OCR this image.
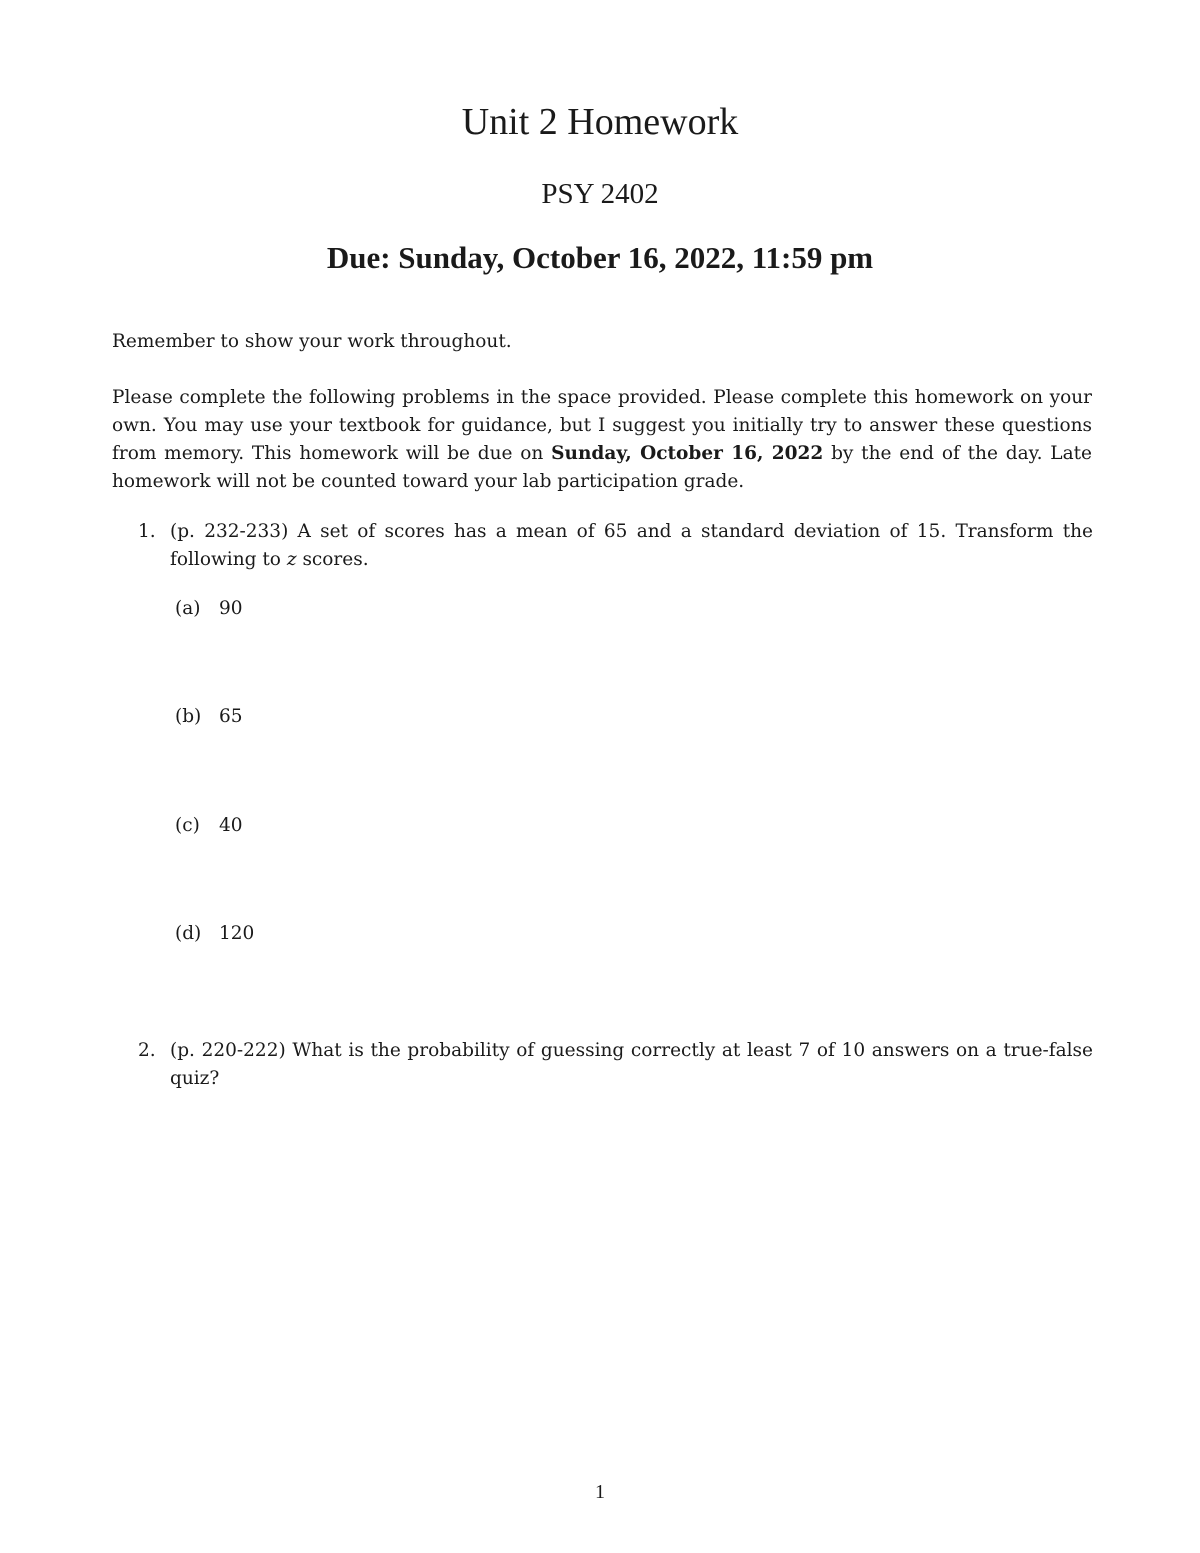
Unit 2 Homework
PSY 2402
Due: Sunday, October 16, 2022, 11:59 pm

Remember to show your work throughout.

Please complete the following problems in the space provided. Please complete this homework on your own. You may use your textbook for guidance, but I suggest you initially try to answer these questions from memory. This homework will be due on Sunday, October 16, 2022 by the end of the day. Late homework will not be counted toward your lab participation grade.

1. (p. 232-233) A set of scores has a mean of 65 and a standard deviation of 15. Transform the following to z scores.
(a) 90
(b) 65
(c) 40
(d) 120
2. (p. 220-222) What is the probability of guessing correctly at least 7 of 10 answers on a true-false quiz?
1
